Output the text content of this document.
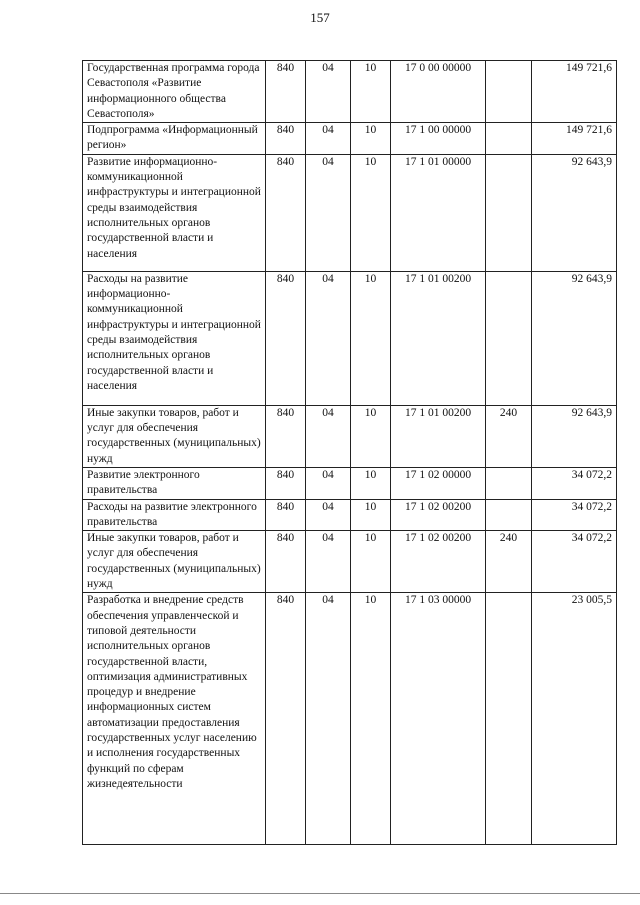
157
Государственная программа города Севастополя «Развитие информационного общества Севастополя»	840	04	10	17 0 00 00000		149 721,6
Подпрограмма «Информационный регион»	840	04	10	17 1 00 00000		149 721,6
Развитие информационно-коммуникационной инфраструктуры и интеграционной среды взаимодействия исполнительных органов государственной власти и населения	840	04	10	17 1 01 00000		92 643,9
Расходы на развитие информационно-коммуникационной инфраструктуры и интеграционной среды взаимодействия исполнительных органов государственной власти и населения	840	04	10	17 1 01 00200		92 643,9
Иные закупки товаров, работ и услуг для обеспечения государственных (муниципальных) нужд	840	04	10	17 1 01 00200	240	92 643,9
Развитие электронного правительства	840	04	10	17 1 02 00000		34 072,2
Расходы на развитие электронного правительства	840	04	10	17 1 02 00200		34 072,2
Иные закупки товаров, работ и услуг для обеспечения государственных (муниципальных) нужд	840	04	10	17 1 02 00200	240	34 072,2
Разработка и внедрение средств обеспечения управленческой и типовой деятельности исполнительных органов государственной власти, оптимизация административных процедур и внедрение информационных систем автоматизации предоставления государственных услуг населению и исполнения государственных функций по сферам жизнедеятельности	840	04	10	17 1 03 00000		23 005,5
